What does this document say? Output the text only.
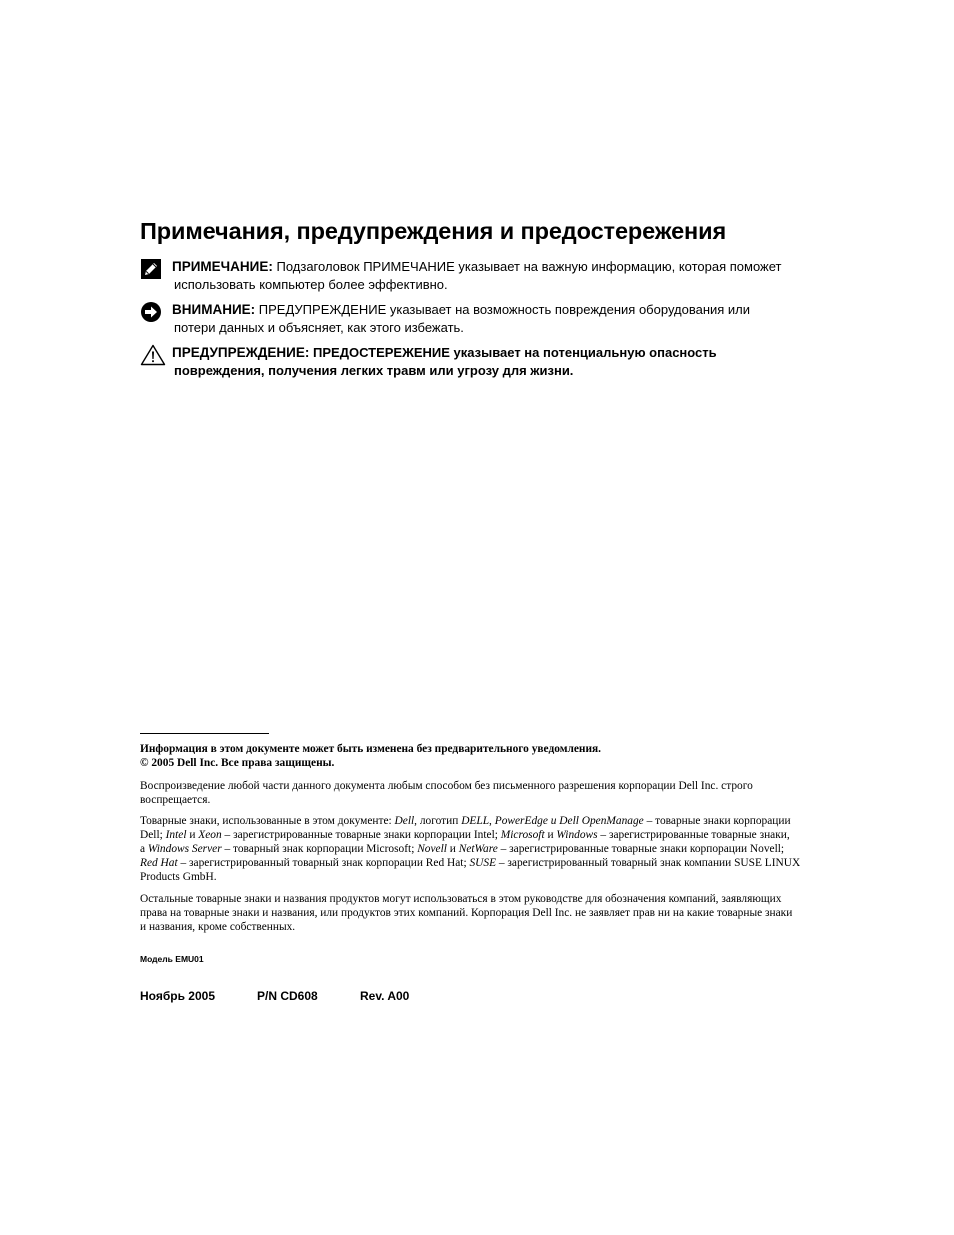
Примечания, предупреждения и предостережения
ПРИМЕЧАНИЕ: Подзаголовок ПРИМЕЧАНИЕ указывает на важную информацию, которая поможет
использовать компьютер более эффективно.
ВНИМАНИЕ: ПРЕДУПРЕЖДЕНИЕ указывает на возможность повреждения оборудования или
потери данных и объясняет, как этого избежать.
ПРЕДУПРЕЖДЕНИЕ: ПРЕДОСТЕРЕЖЕНИЕ указывает на потенциальную опасность
повреждения, получения легких травм или угрозу для жизни.
Информация в этом документе может быть изменена без предварительного уведомления.
© 2005 Dell Inc. Все права защищены.
Воспроизведение любой части данного документа любым способом без письменного разрешения корпорации Dell Inc. строго
воспрещается.
Товарные знаки, использованные в этом документе: Dell, логотип DELL, PowerEdge и Dell OpenManage – товарные знаки корпорации
Dell; Intel и Xeon – зарегистрированные товарные знаки корпорации Intel; Microsoft и Windows – зарегистрированные товарные знаки,
а Windows Server – товарный знак корпорации Microsoft; Novell и NetWare – зарегистрированные товарные знаки корпорации Novell;
Red Hat – зарегистрированный товарный знак корпорации Red Hat; SUSE – зарегистрированный товарный знак компании SUSE LINUX
Products GmbH.
Остальные товарные знаки и названия продуктов могут использоваться в этом руководстве для обозначения компаний, заявляющих
права на товарные знаки и названия, или продуктов этих компаний. Корпорация Dell Inc. не заявляет прав ни на какие товарные знаки
и названия, кроме собственных.
Модель EMU01
Ноябрь 2005	P/N CD608	Rev. A00
